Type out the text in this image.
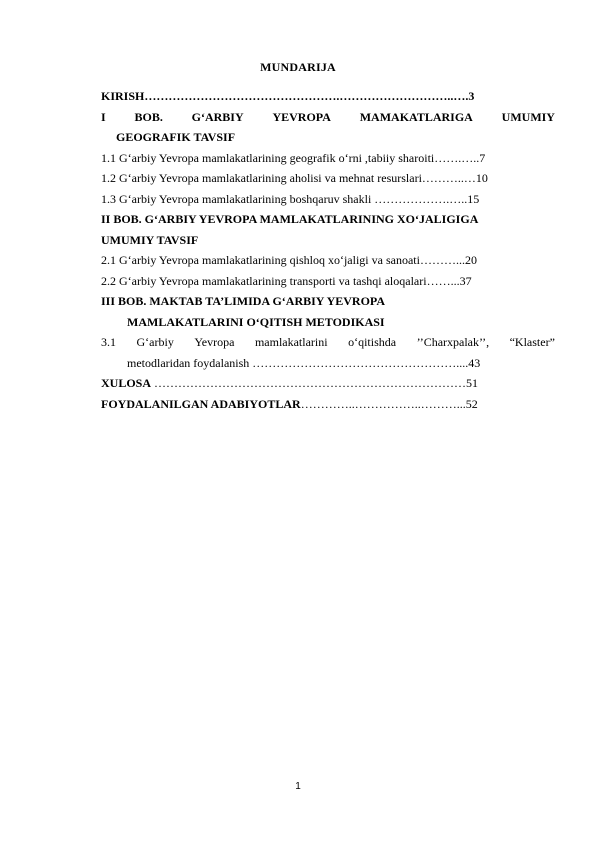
MUNDARIJA
KIRISH………………………………………….………………………..….3
I BOB. G‘ARBIY YEVROPA MAMAKATLARIGA UMUMIY
GEOGRAFIK TAVSIF
1.1 G‘arbiy Yevropa mamlakatlarining geografik o‘rni ,tabiiy sharoiti…….…..7
1.2 G‘arbiy Yevropa mamlakatlarining aholisi va mehnat resurslari………..…10
1.3 G‘arbiy Yevropa mamlakatlarining boshqaruv shakli ……………….…..15
II BOB. G‘ARBIY YEVROPA MAMLAKATLARINING XO‘JALIGIGA
UMUMIY TAVSIF
2.1 G‘arbiy Yevropa mamlakatlarining qishloq xo‘jaligi va sanoati………...20
2.2 G‘arbiy Yevropa mamlakatlarining transporti va tashqi aloqalari……...37
III BOB. MAKTAB TA’LIMIDA G‘ARBIY YEVROPA
MAMLAKATLARINI O‘QITISH METODIKASI
3.1 G‘arbiy Yevropa mamlakatlarini o‘qitishda ’’Charxpalak’’, “Klaster”
metodlaridan foydalanish ……………………………………………....43
XULOSA ……………………………………………………………………51
FOYDALANILGAN ADABIYOTLAR…………..……………..………...52
1
